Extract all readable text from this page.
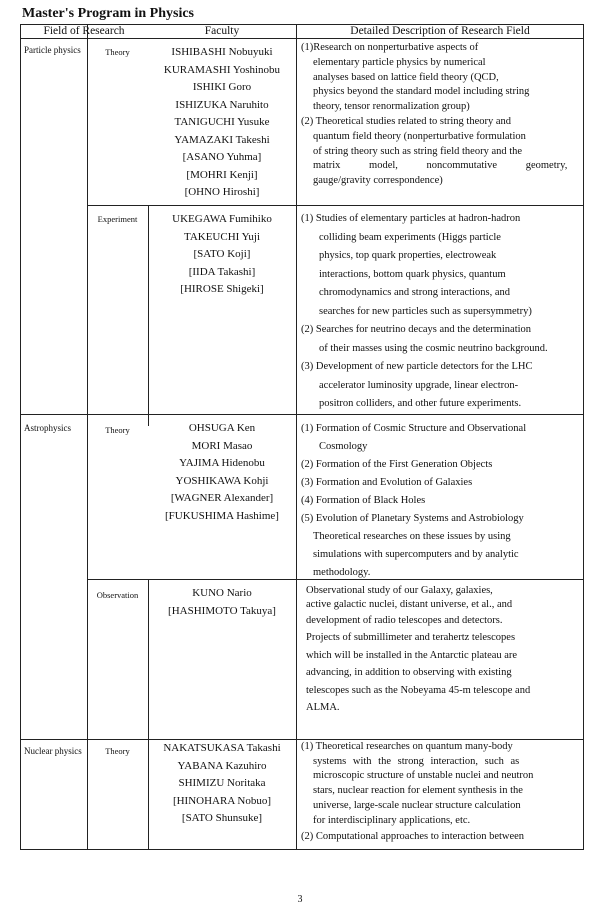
Master's Program in Physics
Field of Research	Faculty	Detailed Description of Research Field
Particle physics
Astrophysics
Nuclear physics
Theory
Experiment
Theory
Observation
Theory
ISHIBASHI Nobuyuki
KURAMASHI Yoshinobu
ISHIKI Goro
ISHIZUKA Naruhito
TANIGUCHI Yusuke
YAMAZAKI Takeshi
[ASANO Yuhma]
[MOHRI Kenji]
[OHNO Hiroshi]
UKEGAWA Fumihiko
TAKEUCHI Yuji
[SATO Koji]
[IIDA Takashi]
[HIROSE Shigeki]
OHSUGA Ken
MORI Masao
YAJIMA Hidenobu
YOSHIKAWA Kohji
[WAGNER Alexander]
[FUKUSHIMA Hashime]
KUNO Nario
[HASHIMOTO Takuya]
NAKATSUKASA Takashi
YABANA Kazuhiro
SHIMIZU Noritaka
[HINOHARA Nobuo]
[SATO Shunsuke]

(1)Research on nonperturbative aspects of

elementary particle physics by numerical

analyses based on lattice field theory (QCD,

physics beyond the standard model including string

theory, tensor renormalization group)

(2) Theoretical studies related to string theory and

quantum field theory (nonperturbative formulation

of string theory such as string field theory and the

matrix model, noncommutative geometry,

gauge/gravity correspondence)

(1) Studies of elementary particles at hadron-hadron

colliding beam experiments (Higgs particle

physics, top quark properties, electroweak

interactions, bottom quark physics, quantum

chromodynamics and strong interactions, and

searches for new particles such as supersymmetry)

(2) Searches for neutrino decays and the determination

of their masses using the cosmic neutrino background.

(3) Development of new particle detectors for the LHC

accelerator luminosity upgrade, linear electron-

positron colliders, and other future experiments.

(1) Formation of Cosmic Structure and Observational

Cosmology

(2) Formation of the First Generation Objects

(3) Formation and Evolution of Galaxies

(4) Formation of Black Holes

(5) Evolution of Planetary Systems and Astrobiology

Theoretical researches on these issues by using

simulations with supercomputers and by analytic

methodology.

Observational study of our Galaxy, galaxies,

active galactic nuclei, distant universe, et al., and

development of radio telescopes and detectors.

Projects of submillimeter and terahertz telescopes

which will be installed in the Antarctic plateau are

advancing, in addition to observing with existing

telescopes such as the Nobeyama 45-m telescope and

ALMA.

(1) Theoretical researches on quantum many-body

systems with the strong interaction, such as

microscopic structure of unstable nuclei and neutron

stars, nuclear reaction for element synthesis in the

universe, large-scale nuclear structure calculation

for interdisciplinary applications, etc.

(2) Computational approaches to interaction between

3
